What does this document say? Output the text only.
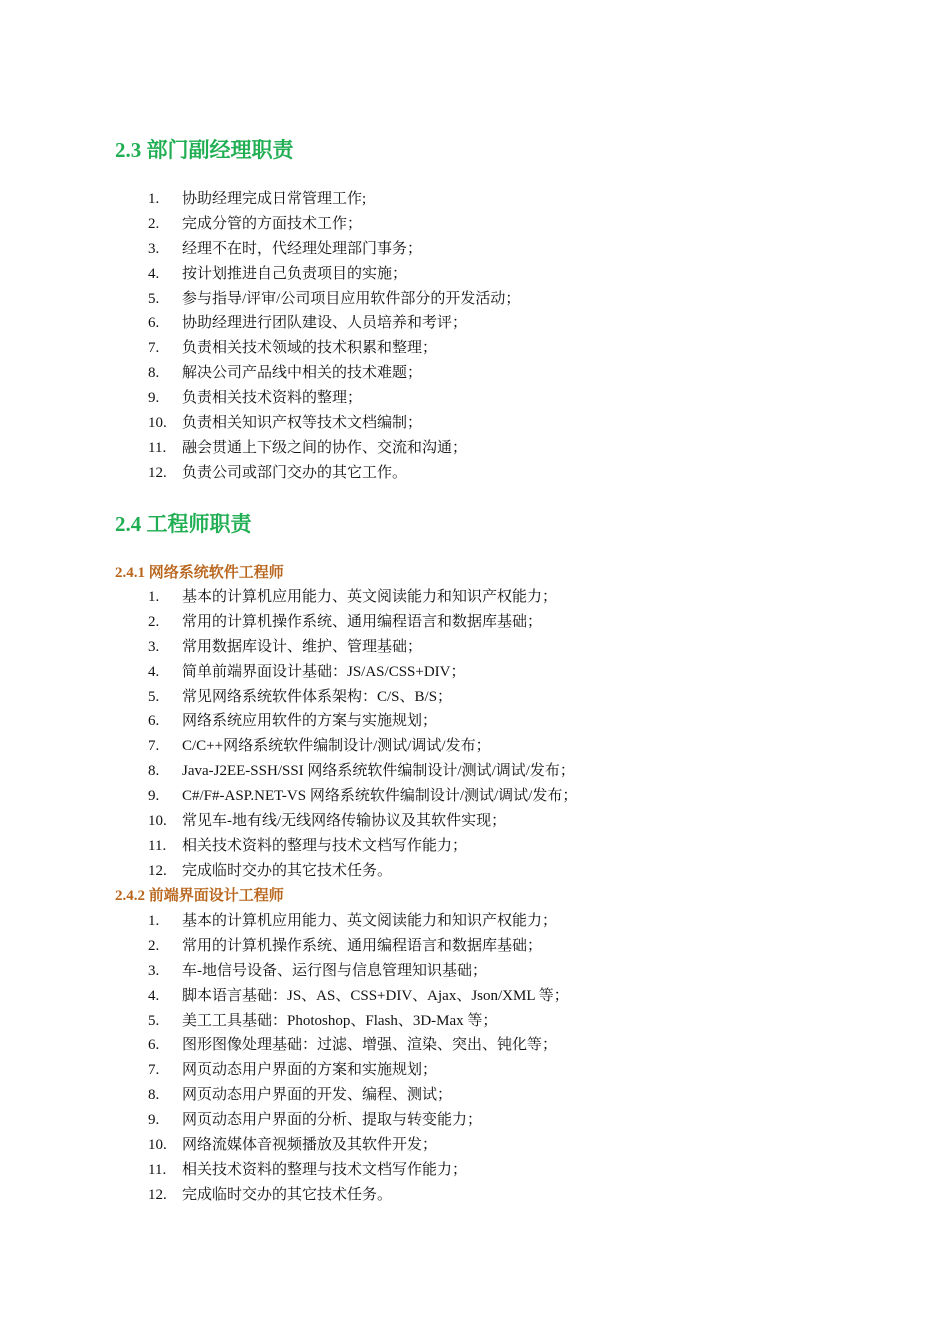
2.3 部门副经理职责
1. 协助经理完成日常管理工作;
2. 完成分管的方面技术工作；
3. 经理不在时，代经理处理部门事务；
4. 按计划推进自己负责项目的实施；
5. 参与指导/评审/公司项目应用软件部分的开发活动；
6. 协助经理进行团队建设、人员培养和考评；
7. 负责相关技术领域的技术积累和整理；
8. 解决公司产品线中相关的技术难题；
9. 负责相关技术资料的整理；
10. 负责相关知识产权等技术文档编制；
11. 融会贯通上下级之间的协作、交流和沟通；
12. 负责公司或部门交办的其它工作。
2.4 工程师职责
2.4.1 网络系统软件工程师
1. 基本的计算机应用能力、英文阅读能力和知识产权能力；
2. 常用的计算机操作系统、通用编程语言和数据库基础；
3. 常用数据库设计、维护、管理基础；
4. 简单前端界面设计基础：JS/AS/CSS+DIV；
5. 常见网络系统软件体系架构：C/S、B/S；
6. 网络系统应用软件的方案与实施规划；
7. C/C++网络系统软件编制设计/测试/调试/发布；
8. Java-J2EE-SSH/SSI 网络系统软件编制设计/测试/调试/发布；
9. C#/F#-ASP.NET-VS 网络系统软件编制设计/测试/调试/发布；
10. 常见车-地有线/无线网络传输协议及其软件实现；
11. 相关技术资料的整理与技术文档写作能力；
12. 完成临时交办的其它技术任务。
2.4.2 前端界面设计工程师
1. 基本的计算机应用能力、英文阅读能力和知识产权能力；
2. 常用的计算机操作系统、通用编程语言和数据库基础；
3. 车-地信号设备、运行图与信息管理知识基础；
4. 脚本语言基础：JS、AS、CSS+DIV、Ajax、Json/XML 等；
5. 美工工具基础：Photoshop、Flash、3D-Max 等；
6. 图形图像处理基础：过滤、增强、渲染、突出、钝化等；
7. 网页动态用户界面的方案和实施规划；
8. 网页动态用户界面的开发、编程、测试；
9. 网页动态用户界面的分析、提取与转变能力；
10. 网络流媒体音视频播放及其软件开发；
11. 相关技术资料的整理与技术文档写作能力；
12. 完成临时交办的其它技术任务。
